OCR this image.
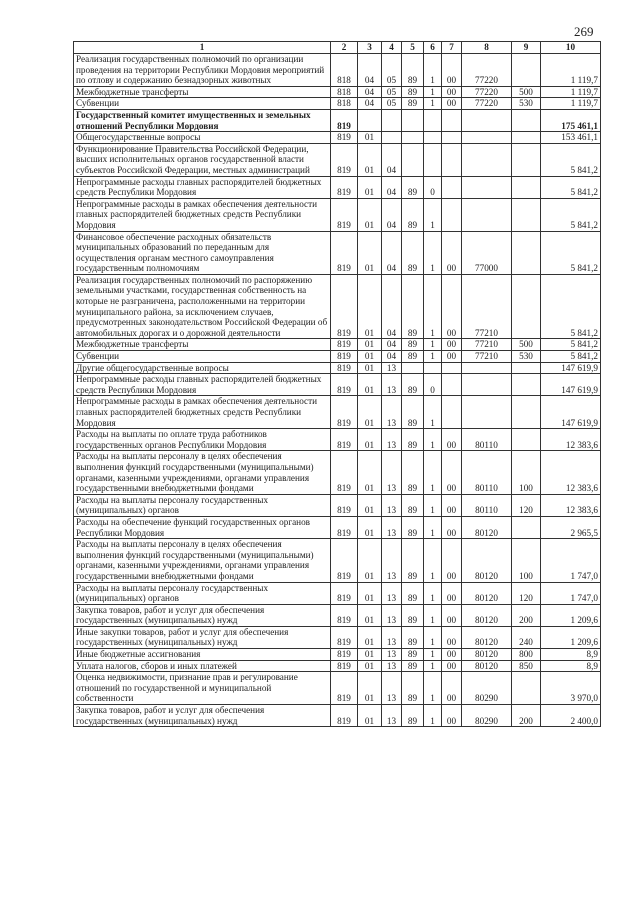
269
1	2	3	4	5	6	7	8	9	10
Реализация государственных полномочий по организации проведения на территории Республики Мордовия мероприятий по отлову и содержанию безнадзорных животных	818	04	05	89	1	00	77220		1 119,7
Межбюджетные трансферты	818	04	05	89	1	00	77220	500	1 119,7
Субвенции	818	04	05	89	1	00	77220	530	1 119,7
Государственный комитет имущественных и земельных отношений Республики Мордовия	819								175 461,1
Общегосударственные вопросы	819	01							153 461,1
Функционирование Правительства Российской Федерации, высших исполнительных органов государственной власти субъектов Российской Федерации, местных администраций	819	01	04						5 841,2
Непрограммные расходы главных распорядителей бюджетных средств Республики Мордовия	819	01	04	89	0				5 841,2
Непрограммные расходы в рамках обеспечения деятельности главных распорядителей бюджетных средств Республики Мордовия	819	01	04	89	1				5 841,2
Финансовое обеспечение расходных обязательств муниципальных образований по переданным для осуществления органам местного самоуправления государственным полномочиям	819	01	04	89	1	00	77000		5 841,2
Реализация государственных полномочий по распоряжению земельными участками, государственная собственность на которые не разграничена, расположенными на территории муниципального района, за исключением случаев, предусмотренных законодательством Российской Федерации об автомобильных дорогах и о дорожной деятельности	819	01	04	89	1	00	77210		5 841,2
Межбюджетные трансферты	819	01	04	89	1	00	77210	500	5 841,2
Субвенции	819	01	04	89	1	00	77210	530	5 841,2
Другие общегосударственные вопросы	819	01	13						147 619,9
Непрограммные расходы главных распорядителей бюджетных средств Республики Мордовия	819	01	13	89	0				147 619,9
Непрограммные расходы в рамках обеспечения деятельности главных распорядителей бюджетных средств Республики Мордовия	819	01	13	89	1				147 619,9
Расходы на выплаты по оплате труда работников государственных органов Республики Мордовия	819	01	13	89	1	00	80110		12 383,6
Расходы на выплаты персоналу в целях обеспечения выполнения функций государственными (муниципальными) органами, казенными учреждениями, органами управления государственными внебюджетными фондами	819	01	13	89	1	00	80110	100	12 383,6
Расходы на выплаты персоналу государственных (муниципальных) органов	819	01	13	89	1	00	80110	120	12 383,6
Расходы на обеспечение функций государственных органов Республики Мордовия	819	01	13	89	1	00	80120		2 965,5
Расходы на выплаты персоналу в целях обеспечения выполнения функций государственными (муниципальными) органами, казенными учреждениями, органами управления государственными внебюджетными фондами	819	01	13	89	1	00	80120	100	1 747,0
Расходы на выплаты персоналу государственных (муниципальных) органов	819	01	13	89	1	00	80120	120	1 747,0
Закупка товаров, работ и услуг для обеспечения государственных (муниципальных) нужд	819	01	13	89	1	00	80120	200	1 209,6
Иные закупки товаров, работ и услуг для обеспечения государственных (муниципальных) нужд	819	01	13	89	1	00	80120	240	1 209,6
Иные бюджетные ассигнования	819	01	13	89	1	00	80120	800	8,9
Уплата налогов, сборов и иных платежей	819	01	13	89	1	00	80120	850	8,9
Оценка недвижимости, признание прав и регулирование отношений по государственной и муниципальной собственности	819	01	13	89	1	00	80290		3 970,0
Закупка товаров, работ и услуг для обеспечения государственных (муниципальных) нужд	819	01	13	89	1	00	80290	200	2 400,0
